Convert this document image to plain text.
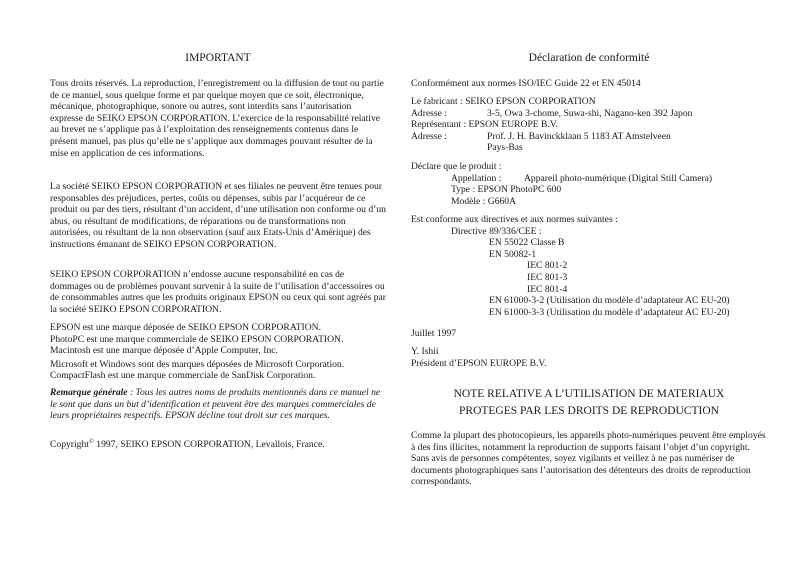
IMPORTANT

Tous droits réservés. La reproduction, l’enregistrement ou la diffusion de tout ou partie de ce manuel, sous quelque forme et par quelque moyen que ce soit, électronique, mécanique, photographique, sonore ou autres, sont interdits sans l’autorisation expresse de SEIKO EPSON CORPORATION. L’exercice de la responsabilité relative au brevet ne s’applique pas à l’exploitation des renseignements contenus dans le présent manuel, pas plus qu’elle ne s’applique aux dommages pouvant résulter de la mise en application de ces informations.

La société SEIKO EPSON CORPORATION et ses filiales ne peuvent être tenues pour responsables des préjudices, pertes, coûts ou dépenses, subis par l’acquéreur de ce produit ou par des tiers, résultant d’un accident, d’une utilisation non conforme ou d’un abus, ou résultant de modifications, de réparations ou de transformations non autorisées, ou résultant de la non observation (sauf aux Etats-Unis d’Amérique) des instructions émanant de SEIKO EPSON CORPORATION.

SEIKO EPSON CORPORATION n’endosse aucune responsabilité en cas de dommages ou de problèmes pouvant survenir à la suite de l’utilisation d’accessoires ou de consommables autres que les produits originaux EPSON ou ceux qui sont agréés par la société SEIKO EPSON CORPORATION.

EPSON est une marque déposée de SEIKO EPSON CORPORATION.
PhotoPC est une marque commerciale de SEIKO EPSON CORPORATION.
Macintosh est une marque déposée d’Apple Computer, Inc.
Microsoft et Windows sont des marques déposées de Microsoft Corporation.
CompactFlash est une marque commerciale de SanDisk Corporation.

Remarque générale : Tous les autres noms de produits mentionnés dans ce manuel ne le sont que dans un but d’identification et peuvent être des marques commerciales de leurs propriétaires respectifs. EPSON décline tout droit sur ces marques.

Copyright© 1997, SEIKO EPSON CORPORATION, Levallois, France.

Déclaration de conformité
Conformément aux normes ISO/IEC Guide 22 et EN 45014
Le fabricant : SEIKO EPSON CORPORATION
Adresse :	3-5, Owa 3-chome, Suwa-shi, Nagano-ken 392 Japon
Représentant : EPSON EUROPE B.V.
Adresse :	Prof. J. H. Bavinckklaan 5 1183 AT Amstelveen
Pays-Bas
Déclare que le produit :
Appellation :	Appareil photo-numérique (Digital Still Camera)
Type : EPSON PhotoPC 600
Modèle : G660A
Est conforme aux directives et aux normes suivantes :
Directive 89/336/CEE :
EN 55022 Classe B
EN 50082-1
IEC 801-2
IEC 801-3
IEC 801-4
EN 61000-3-2 (Utilisation du modèle d’adaptateur AC EU-20)
EN 61000-3-3 (Utilisation du modèle d’adaptateur AC EU-20)
Juillet 1997
Y. Ishii
Président d’EPSON EUROPE B.V.
NOTE RELATIVE A L’UTILISATION DE MATERIAUX
PROTEGES PAR LES DROITS DE REPRODUCTION

Comme la plupart des photocopieurs, les appareils photo-numériques peuvent être employés à des fins illicites, notamment la reproduction de supports faisant l’objet d’un copyright. Sans avis de personnes compétentes, soyez vigilants et veillez à ne pas numériser de documents photographiques sans l’autorisation des détenteurs des droits de reproduction correspondants.
